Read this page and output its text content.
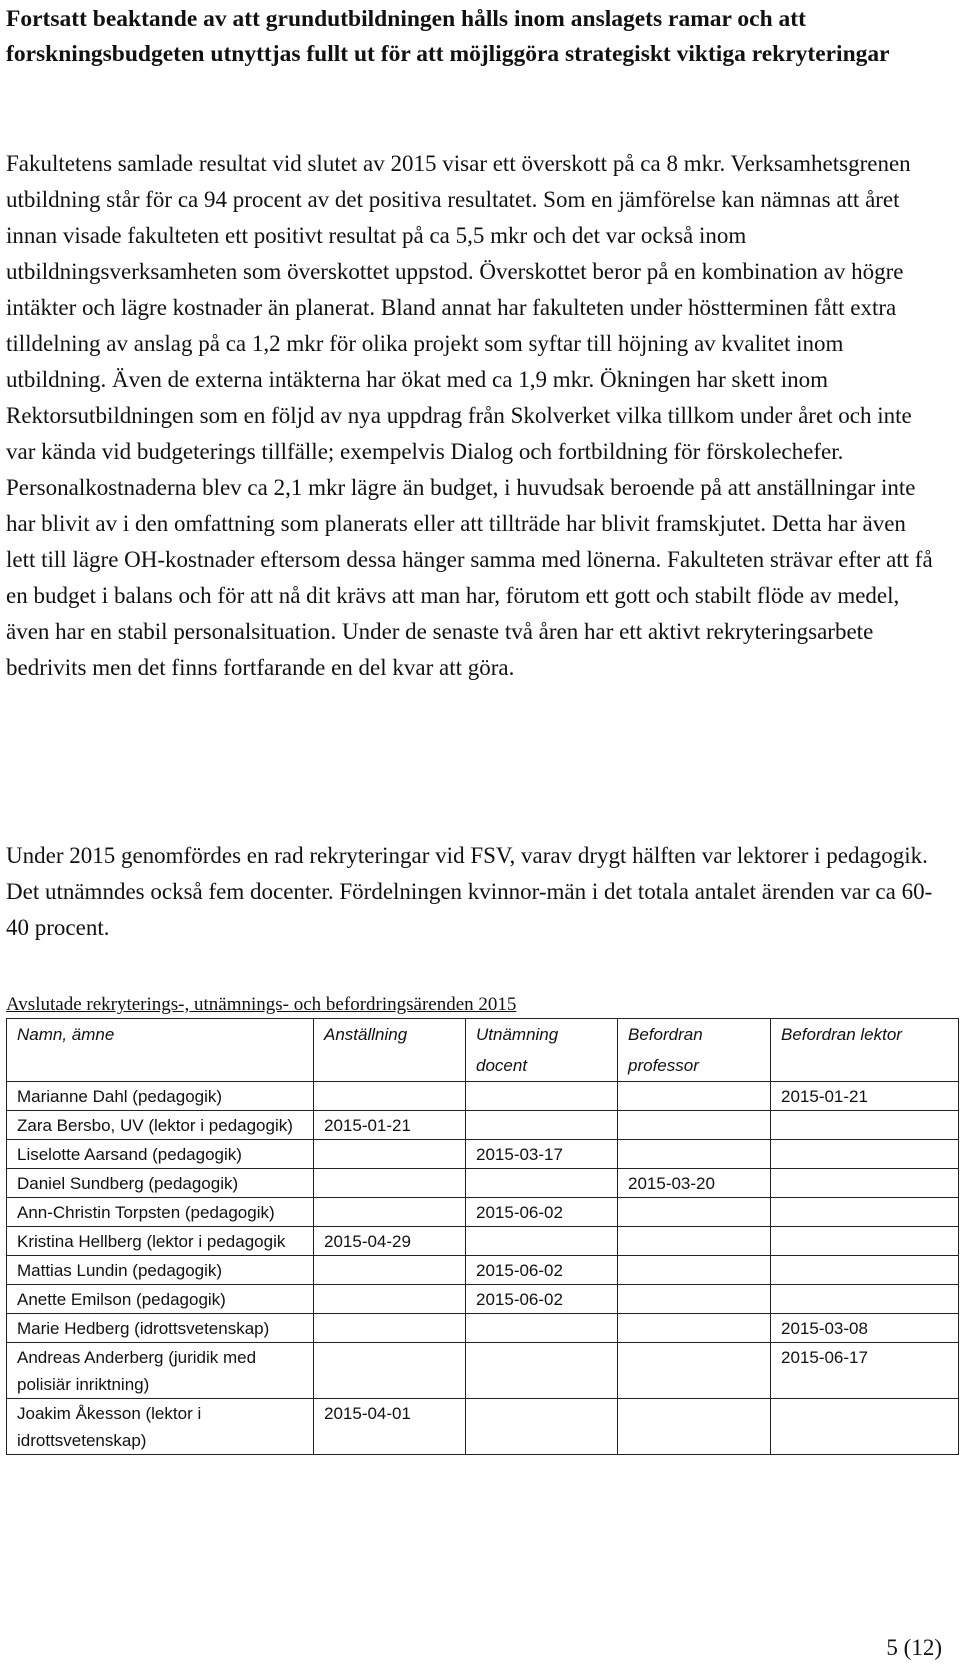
Fortsatt beaktande av att grundutbildningen hålls inom anslagets ramar och att forskningsbudgeten utnyttjas fullt ut för att möjliggöra strategiskt viktiga rekryteringar

Fakultetens samlade resultat vid slutet av 2015 visar ett överskott på ca 8 mkr. Verksamhetsgrenen utbildning står för ca 94 procent av det positiva resultatet. Som en jämförelse kan nämnas att året innan visade fakulteten ett positivt resultat på ca 5,5 mkr och det var också inom utbildningsverksamheten som överskottet uppstod. Överskottet beror på en kombination av högre intäkter och lägre kostnader än planerat. Bland annat har fakulteten under höstterminen fått extra tilldelning av anslag på ca 1,2 mkr för olika projekt som syftar till höjning av kvalitet inom utbildning. Även de externa intäkterna har ökat med ca 1,9 mkr. Ökningen har skett inom Rektorsutbildningen som en följd av nya uppdrag från Skolverket vilka tillkom under året och inte var kända vid budgeterings tillfälle; exempelvis Dialog och fortbildning för förskolechefer. Personalkostnaderna blev ca 2,1 mkr lägre än budget, i huvudsak beroende på att anställningar inte har blivit av i den omfattning som planerats eller att tillträde har blivit framskjutet. Detta har även lett till lägre OH-kostnader eftersom dessa hänger samma med lönerna. Fakulteten strävar efter att få en budget i balans och för att nå dit krävs att man har, förutom ett gott och stabilt flöde av medel, även har en stabil personalsituation. Under de senaste två åren har ett aktivt rekryteringsarbete bedrivits men det finns fortfarande en del kvar att göra.

Under 2015 genomfördes en rad rekryteringar vid FSV, varav drygt hälften var lektorer i pedagogik. Det utnämndes också fem docenter. Fördelningen kvinnor-män i det totala antalet ärenden var ca 60-40 procent.

Avslutade rekryterings-, utnämnings- och befordringsärenden 2015

Namn, ämne	Anställning	Utnämning docent	Befordran professor	Befordran lektor
Marianne Dahl (pedagogik)				2015-01-21
Zara Bersbo, UV (lektor i pedagogik)	2015-01-21			
Liselotte Aarsand (pedagogik)		2015-03-17		
Daniel Sundberg (pedagogik)			2015-03-20	
Ann-Christin Torpsten (pedagogik)		2015-06-02		
Kristina Hellberg (lektor i pedagogik	2015-04-29			
Mattias Lundin (pedagogik)		2015-06-02		
Anette Emilson (pedagogik)		2015-06-02		
Marie Hedberg (idrottsvetenskap)				2015-03-08
Andreas Anderberg (juridik med polisiär inriktning)				2015-06-17
Joakim Åkesson (lektor i idrottsvetenskap)	2015-04-01			

5 (12)
